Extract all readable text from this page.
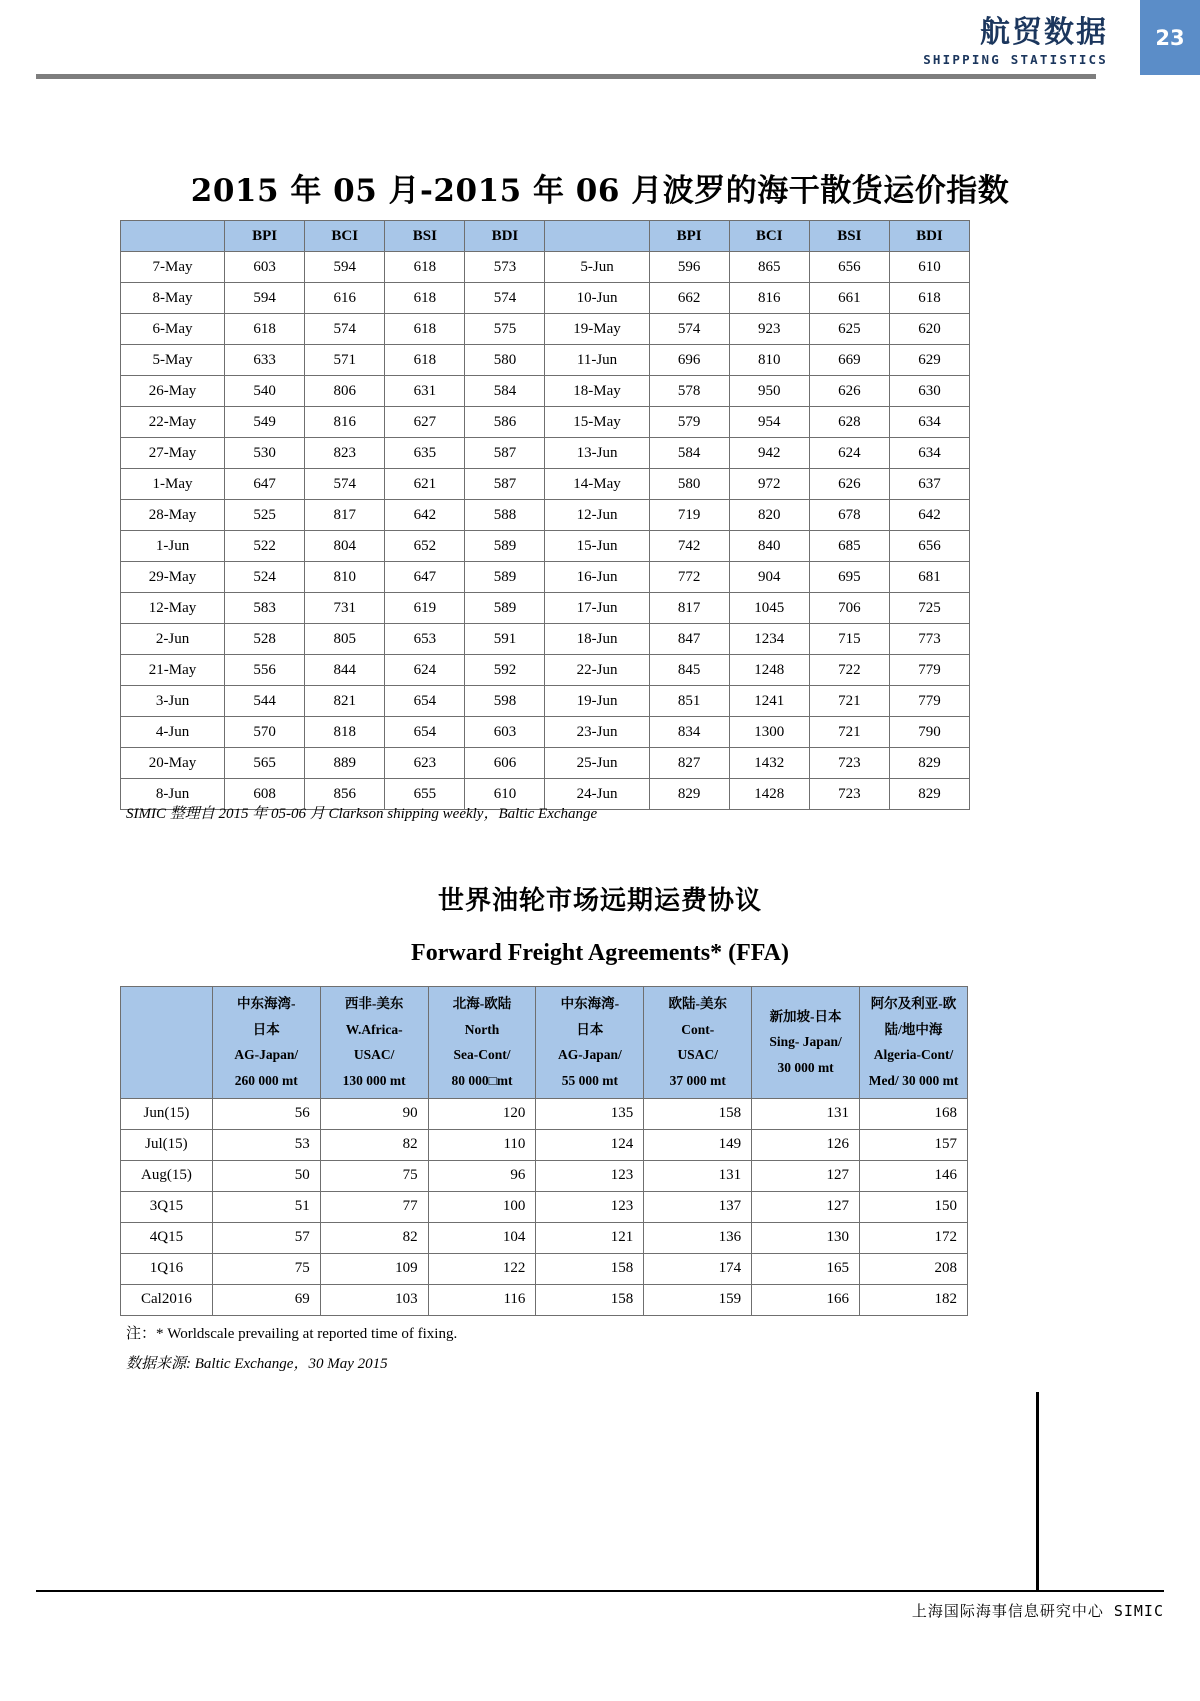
航贸数据
SHIPPING STATISTICS
23
2015 年 05 月-2015 年 06 月波罗的海干散货运价指数
	BPI	BCI	BSI	BDI		BPI	BCI	BSI	BDI
7-May	603	594	618	573	5-Jun	596	865	656	610
8-May	594	616	618	574	10-Jun	662	816	661	618
6-May	618	574	618	575	19-May	574	923	625	620
5-May	633	571	618	580	11-Jun	696	810	669	629
26-May	540	806	631	584	18-May	578	950	626	630
22-May	549	816	627	586	15-May	579	954	628	634
27-May	530	823	635	587	13-Jun	584	942	624	634
1-May	647	574	621	587	14-May	580	972	626	637
28-May	525	817	642	588	12-Jun	719	820	678	642
1-Jun	522	804	652	589	15-Jun	742	840	685	656
29-May	524	810	647	589	16-Jun	772	904	695	681
12-May	583	731	619	589	17-Jun	817	1045	706	725
2-Jun	528	805	653	591	18-Jun	847	1234	715	773
21-May	556	844	624	592	22-Jun	845	1248	722	779
3-Jun	544	821	654	598	19-Jun	851	1241	721	779
4-Jun	570	818	654	603	23-Jun	834	1300	721	790
20-May	565	889	623	606	25-Jun	827	1432	723	829
8-Jun	608	856	655	610	24-Jun	829	1428	723	829
SIMIC 整理自 2015 年 05-06 月 Clarkson shipping weekly，Baltic Exchange
世界油轮市场远期运费协议
Forward Freight Agreements* (FFA)

	中东海湾-
日本
AG-Japan/
260 000 mt	西非-美东
W.Africa-
USAC/
130 000 mt	北海-欧陆
North
Sea-Cont/
80 000□mt	中东海湾-
日本
AG-Japan/
55 000 mt	欧陆-美东
Cont-
USAC/
37 000 mt	新加坡-日本
Sing- Japan/
30 000 mt	阿尔及利亚-欧
陆/地中海
Algeria-Cont/
Med/ 30 000 mt

Jun(15)	56	90	120	135	158	131	168
Jul(15)	53	82	110	124	149	126	157
Aug(15)	50	75	96	123	131	127	146
3Q15	51	77	100	123	137	127	150
4Q15	57	82	104	121	136	130	172
1Q16	75	109	122	158	174	165	208
Cal2016	69	103	116	158	159	166	182
注：* Worldscale prevailing at reported time of fixing.
数据来源: Baltic Exchange，30 May 2015
上海国际海事信息研究中心 SIMIC
